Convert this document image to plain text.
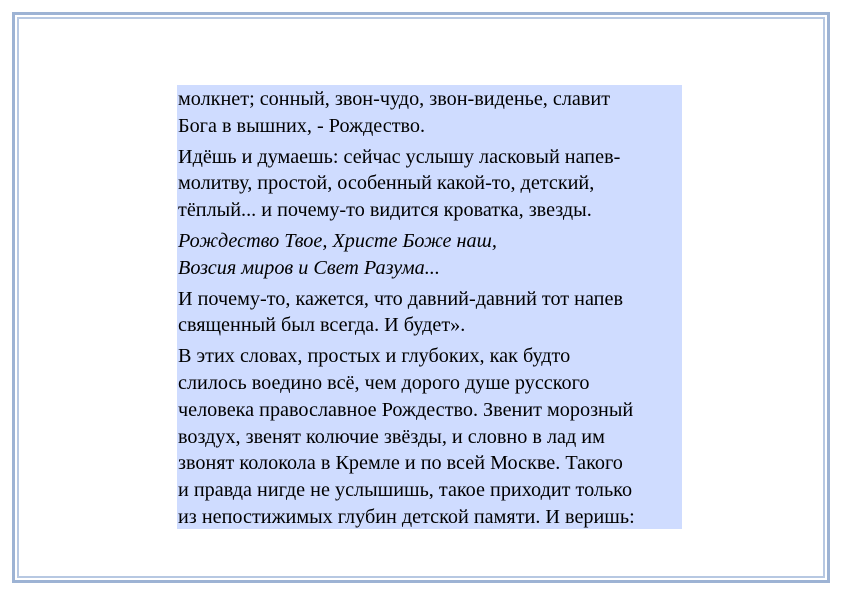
молкнет; сонный, звон-чудо, звон-виденье, славит
Бога в вышних, - Рождество.

Идёшь и думаешь: сейчас услышу ласковый напев-
молитву, простой, особенный какой-то, детский,
тёплый... и почему-то видится кроватка, звезды.

Рождество Твое, Христе Боже наш,
Возсия миров и Свет Разума...

И почему-то, кажется, что давний-давний тот напев
священный был всегда. И будет».

В этих словах, простых и глубоких, как будто
слилось воедино всё, чем дорого душе русского
человека православное Рождество. Звенит морозный
воздух, звенят колючие звёзды, и словно в лад им
звонят колокола в Кремле и по всей Москве. Такого
и правда нигде не услышишь, такое приходит только
из непостижимых глубин детской памяти. И веришь:
